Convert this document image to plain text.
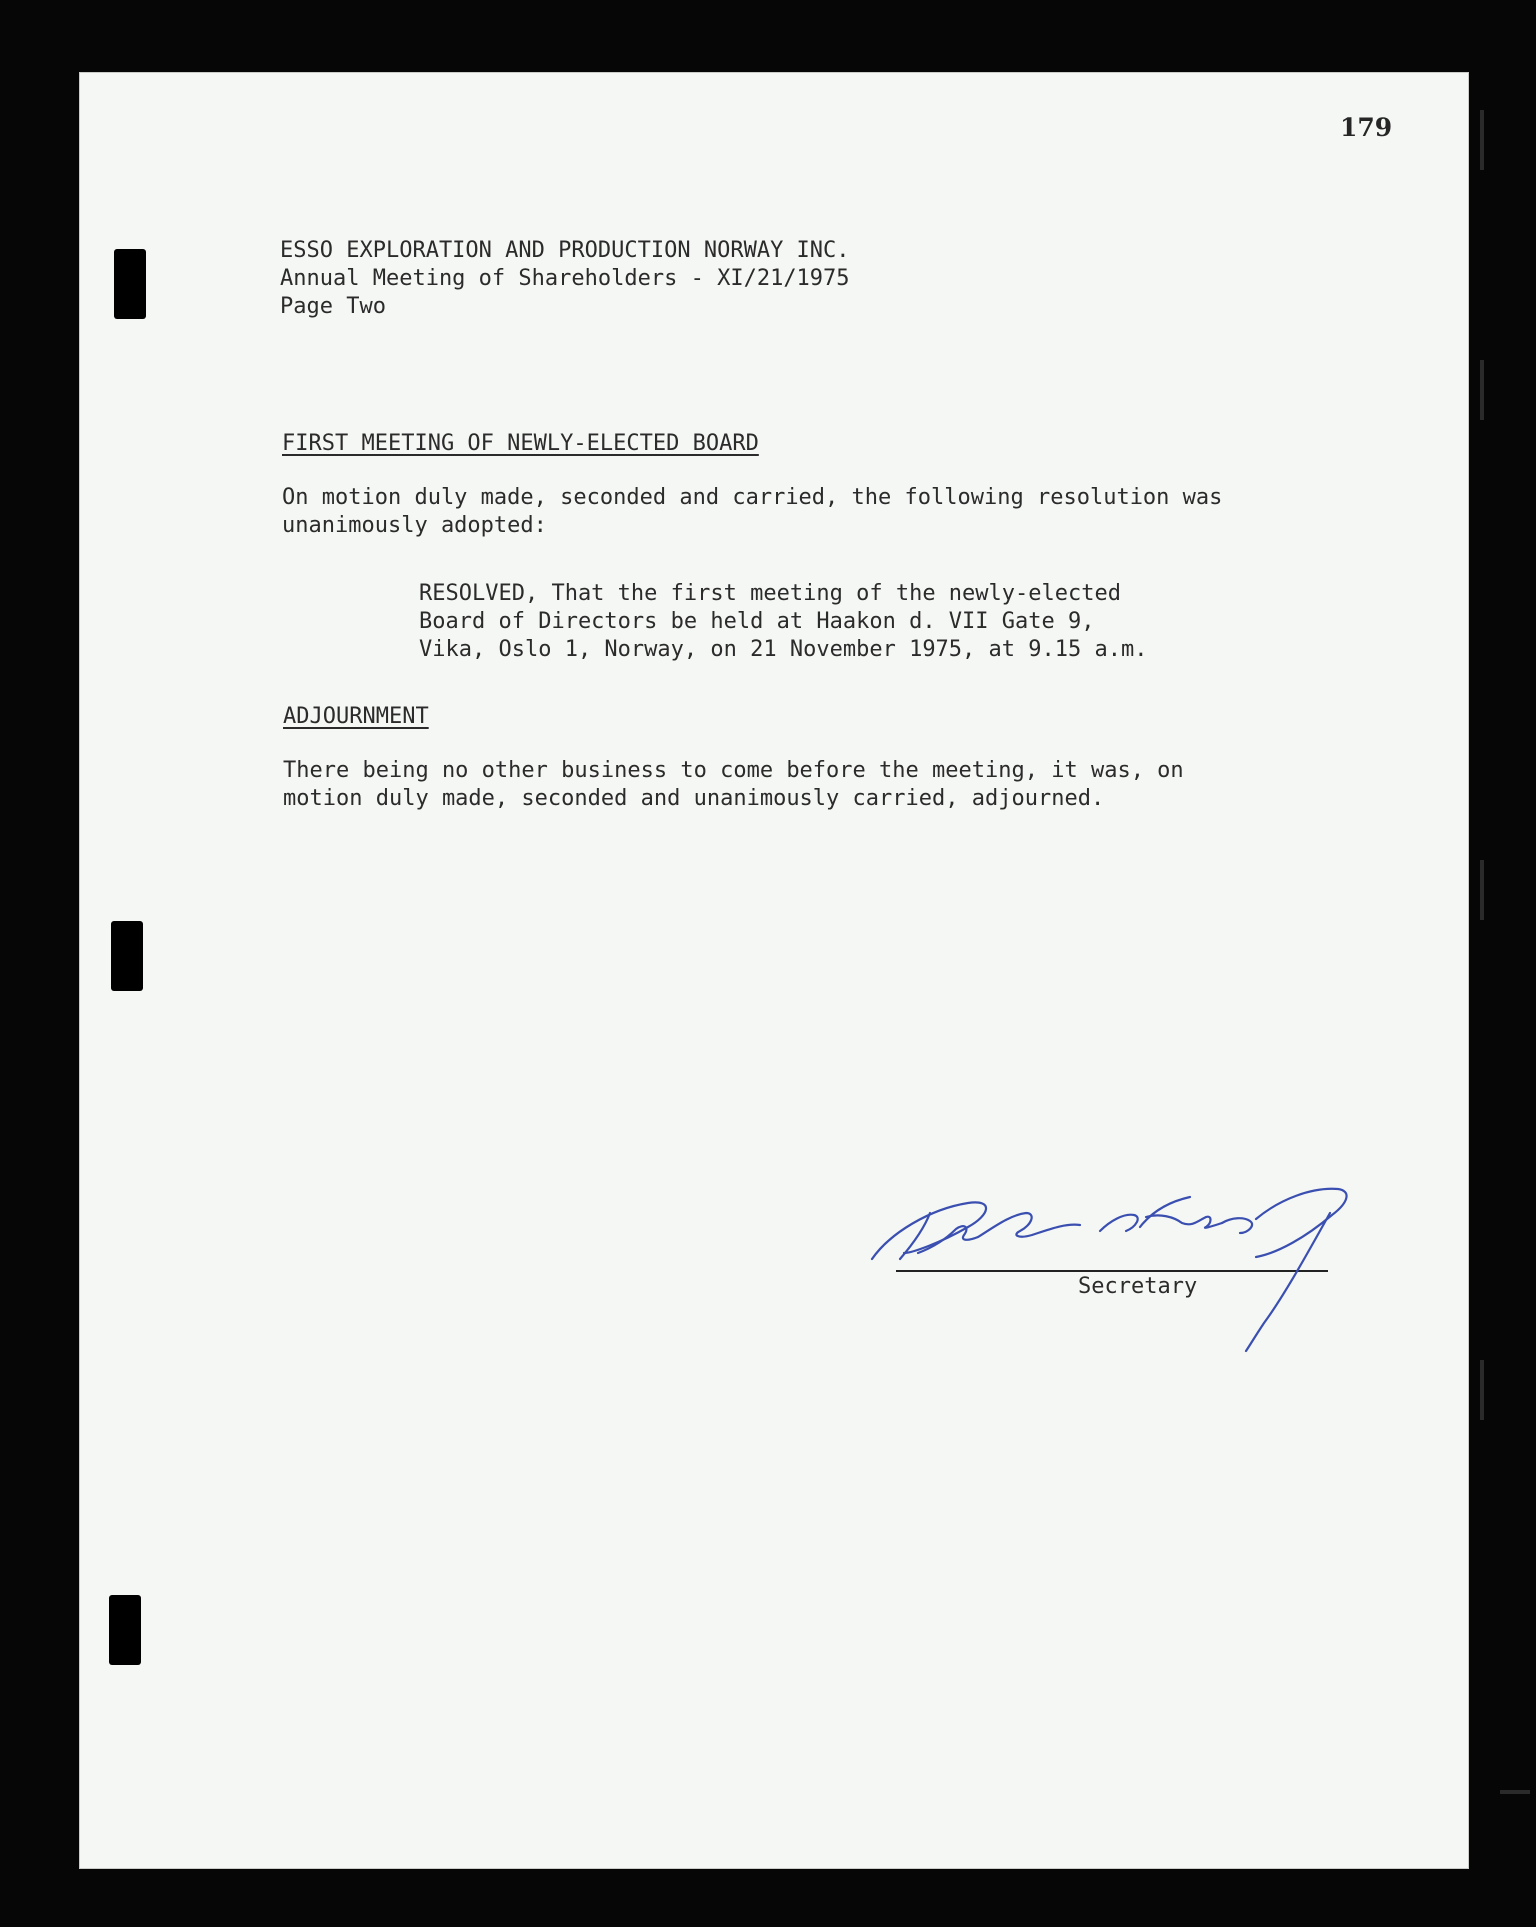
179
ESSO EXPLORATION AND PRODUCTION NORWAY INC.
Annual Meeting of Shareholders - XI/21/1975
Page Two
FIRST MEETING OF NEWLY-ELECTED BOARD
On motion duly made, seconded and carried, the following resolution was
unanimously adopted:
RESOLVED, That the first meeting of the newly-elected
Board of Directors be held at Haakon d. VII Gate 9,
Vika, Oslo 1, Norway, on 21 November 1975, at 9.15 a.m.
ADJOURNMENT
There being no other business to come before the meeting, it was, on
motion duly made, seconded and unanimously carried, adjourned.
Secretary
